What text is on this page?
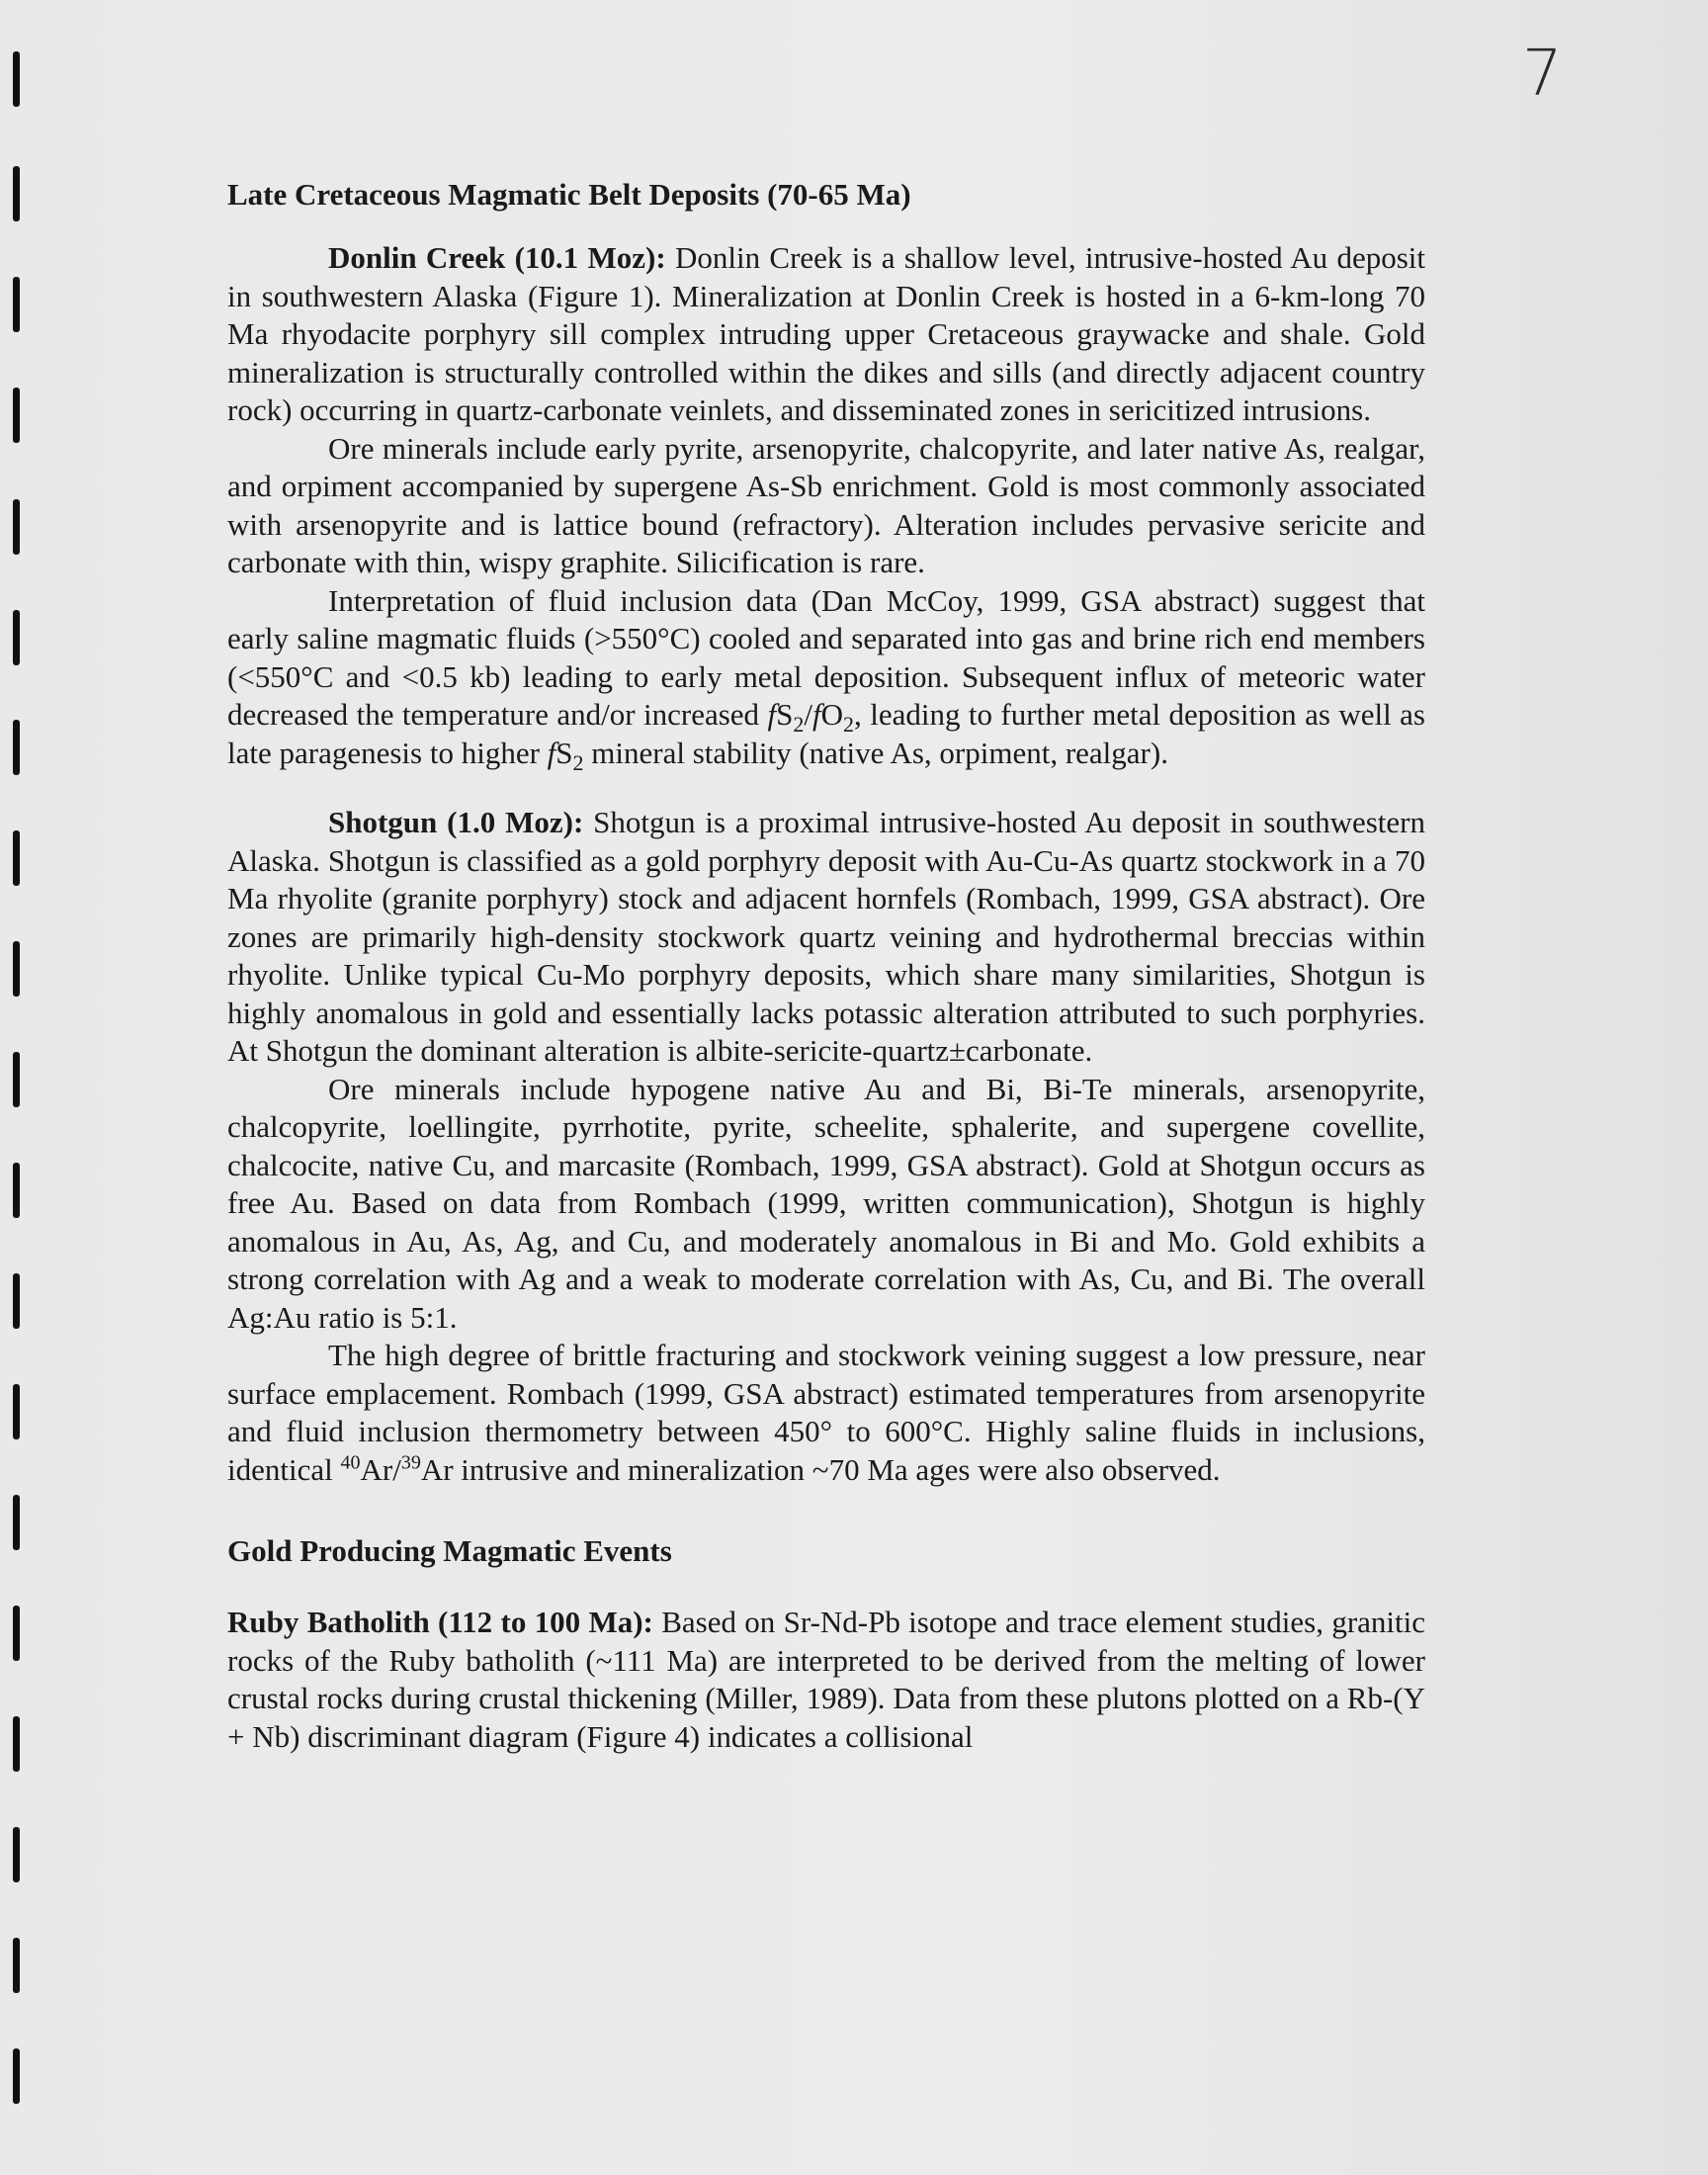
7
Late Cretaceous Magmatic Belt Deposits (70-65 Ma)

Donlin Creek (10.1 Moz): Donlin Creek is a shallow level, intrusive-hosted Au deposit in southwestern Alaska (Figure 1). Mineralization at Donlin Creek is hosted in a 6-km-long 70 Ma rhyodacite porphyry sill complex intruding upper Cretaceous graywacke and shale. Gold mineralization is structurally controlled within the dikes and sills (and directly adjacent country rock) occurring in quartz-carbonate veinlets, and disseminated zones in sericitized intrusions.

Ore minerals include early pyrite, arsenopyrite, chalcopyrite, and later native As, realgar, and orpiment accompanied by supergene As-Sb enrichment. Gold is most commonly associated with arsenopyrite and is lattice bound (refractory). Alteration includes pervasive sericite and carbonate with thin, wispy graphite. Silicification is rare.

Interpretation of fluid inclusion data (Dan McCoy, 1999, GSA abstract) suggest that early saline magmatic fluids (>550°C) cooled and separated into gas and brine rich end members (<550°C and <0.5 kb) leading to early metal deposition. Subsequent influx of meteoric water decreased the temperature and/or increased $fS_2/fO_2$, leading to further metal deposition as well as late paragenesis to higher $fS_2$ mineral stability (native As, orpiment, realgar).

Shotgun (1.0 Moz): Shotgun is a proximal intrusive-hosted Au deposit in southwestern Alaska. Shotgun is classified as a gold porphyry deposit with Au-Cu-As quartz stockwork in a 70 Ma rhyolite (granite porphyry) stock and adjacent hornfels (Rombach, 1999, GSA abstract). Ore zones are primarily high-density stockwork quartz veining and hydrothermal breccias within rhyolite. Unlike typical Cu-Mo porphyry deposits, which share many similarities, Shotgun is highly anomalous in gold and essentially lacks potassic alteration attributed to such porphyries. At Shotgun the dominant alteration is albite-sericite-quartz±carbonate.

Ore minerals include hypogene native Au and Bi, Bi-Te minerals, arsenopyrite, chalcopyrite, loellingite, pyrrhotite, pyrite, scheelite, sphalerite, and supergene covellite, chalcocite, native Cu, and marcasite (Rombach, 1999, GSA abstract). Gold at Shotgun occurs as free Au. Based on data from Rombach (1999, written communication), Shotgun is highly anomalous in Au, As, Ag, and Cu, and moderately anomalous in Bi and Mo. Gold exhibits a strong correlation with Ag and a weak to moderate correlation with As, Cu, and Bi. The overall Ag:Au ratio is 5:1.

The high degree of brittle fracturing and stockwork veining suggest a low pressure, near surface emplacement. Rombach (1999, GSA abstract) estimated temperatures from arsenopyrite and fluid inclusion thermometry between 450° to 600°C. Highly saline fluids in inclusions, identical $^{40}$Ar/$^{39}$Ar intrusive and mineralization ~70 Ma ages were also observed.

Gold Producing Magmatic Events

Ruby Batholith (112 to 100 Ma): Based on Sr-Nd-Pb isotope and trace element studies, granitic rocks of the Ruby batholith (~111 Ma) are interpreted to be derived from the melting of lower crustal rocks during crustal thickening (Miller, 1989). Data from these plutons plotted on a Rb-(Y + Nb) discriminant diagram (Figure 4) indicates a collisional
